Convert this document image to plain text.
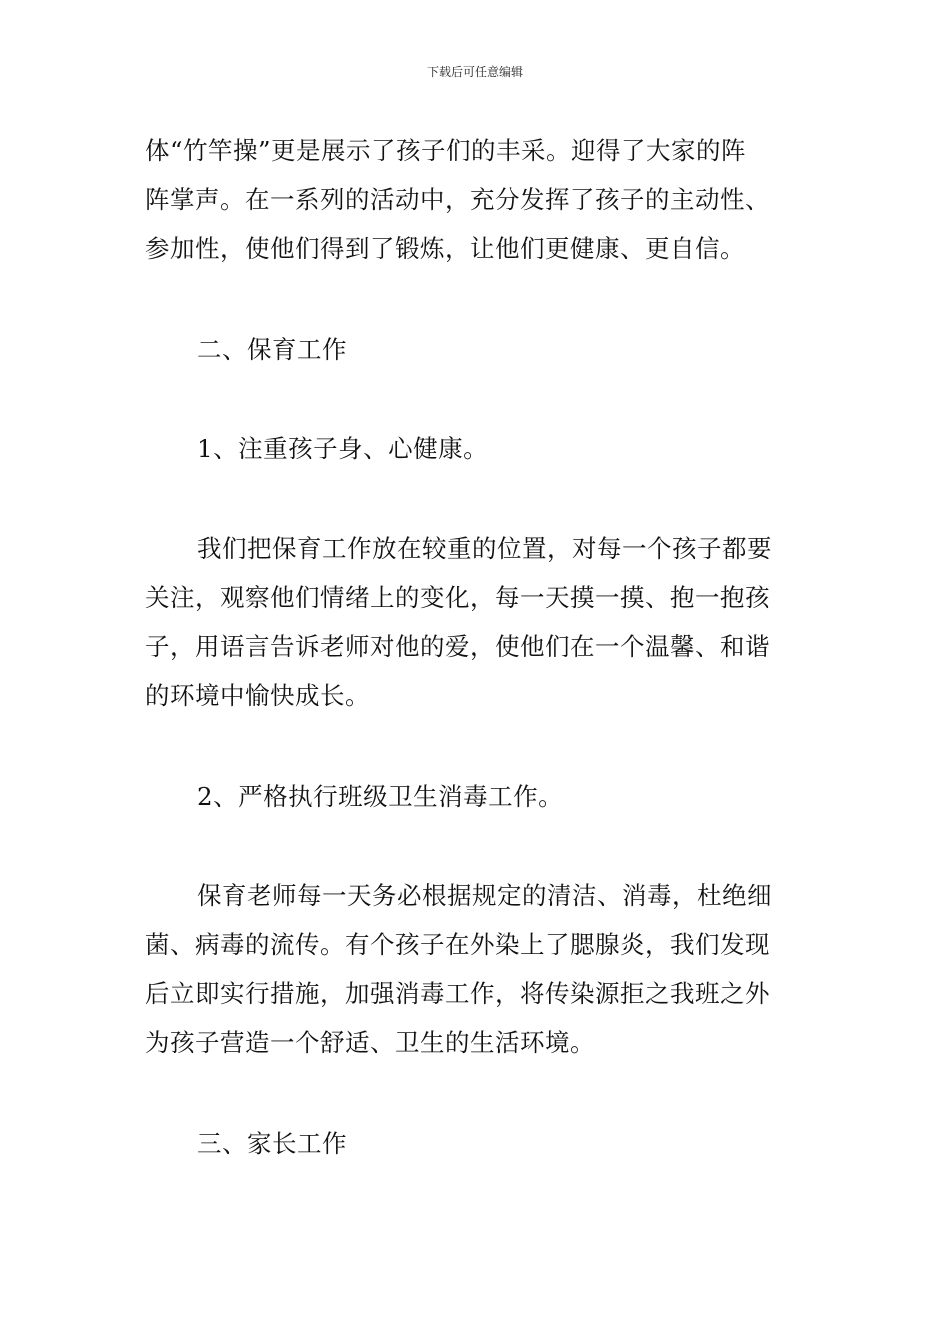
下载后可任意编辑

体“竹竿操”更是展示了孩子们的丰采。迎得了大家的阵
阵掌声。在一系列的活动中，充分发挥了孩子的主动性、
参加性，使他们得到了锻炼，让他们更健康、更自信。

二、保育工作

1、注重孩子身、心健康。

我们把保育工作放在较重的位置，对每一个孩子都要
关注，观察他们情绪上的变化，每一天摸一摸、抱一抱孩
子，用语言告诉老师对他的爱，使他们在一个温馨、和谐
的环境中愉快成长。

2、严格执行班级卫生消毒工作。

保育老师每一天务必根据规定的清洁、消毒，杜绝细
菌、病毒的流传。有个孩子在外染上了腮腺炎，我们发现
后立即实行措施，加强消毒工作，将传染源拒之我班之外
为孩子营造一个舒适、卫生的生活环境。

三、家长工作
